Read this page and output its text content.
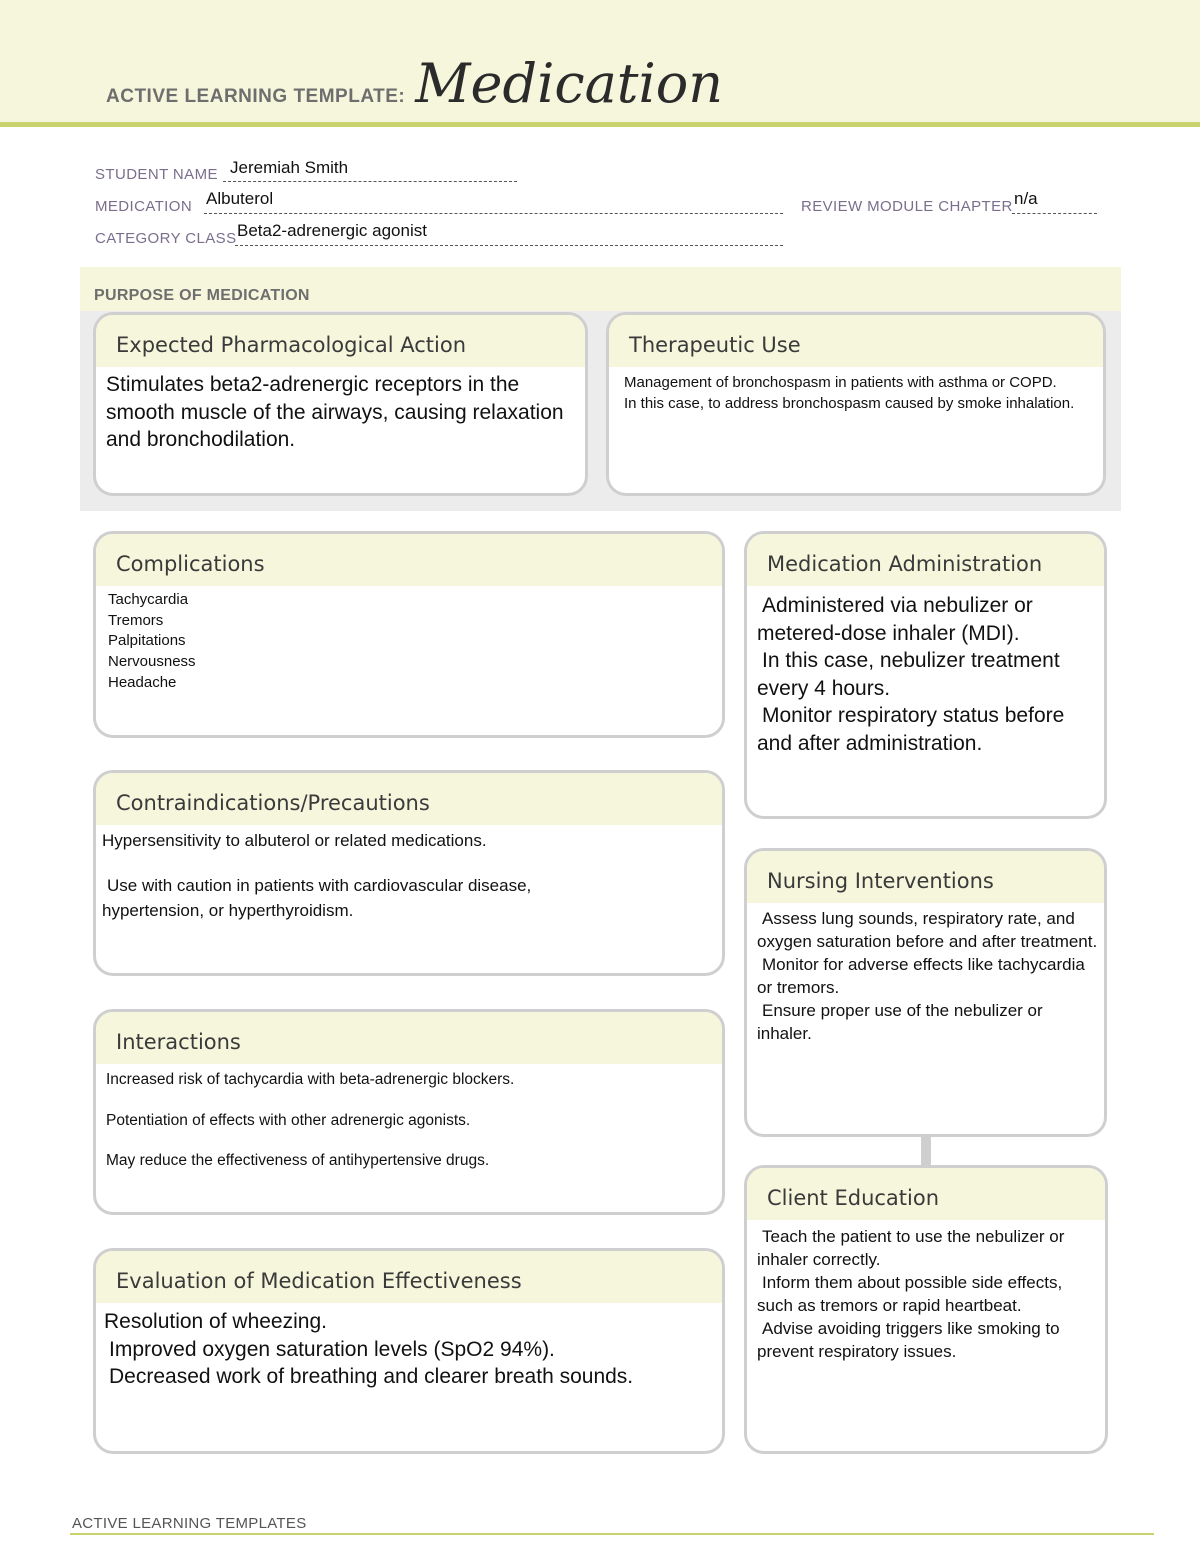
ACTIVE LEARNING TEMPLATE: Medication
STUDENT NAME Jeremiah Smith
MEDICATION Albuterol	REVIEW MODULE CHAPTER n/a
CATEGORY CLASS Beta2-adrenergic agonist
PURPOSE OF MEDICATION
Expected Pharmacological Action

Stimulates beta2-adrenergic receptors in the smooth muscle of the airways, causing relaxation and bronchodilation.

Therapeutic Use

Management of bronchospasm in patients with asthma or COPD.

In this case, to address bronchospasm caused by smoke inhalation.

Complications

Tachycardia

Tremors

Palpitations

Nervousness

Headache

Medication Administration

Administered via nebulizer or metered-dose inhaler (MDI).

In this case, nebulizer treatment every 4 hours.

Monitor respiratory status before and after administration.

Contraindications/Precautions

Hypersensitivity to albuterol or related medications.

Use with caution in patients with cardiovascular disease, hypertension, or hyperthyroidism.

Nursing Interventions

Assess lung sounds, respiratory rate, and oxygen saturation before and after treatment.

Monitor for adverse effects like tachycardia or tremors.

Ensure proper use of the nebulizer or inhaler.

Interactions

Increased risk of tachycardia with beta-adrenergic blockers.

Potentiation of effects with other adrenergic agonists.

May reduce the effectiveness of antihypertensive drugs.

Client Education

Teach the patient to use the nebulizer or inhaler correctly.

Inform them about possible side effects, such as tremors or rapid heartbeat.

Advise avoiding triggers like smoking to prevent respiratory issues.

Evaluation of Medication Effectiveness

Resolution of wheezing.

Improved oxygen saturation levels (SpO2 94%).

Decreased work of breathing and clearer breath sounds.

ACTIVE LEARNING TEMPLATES
